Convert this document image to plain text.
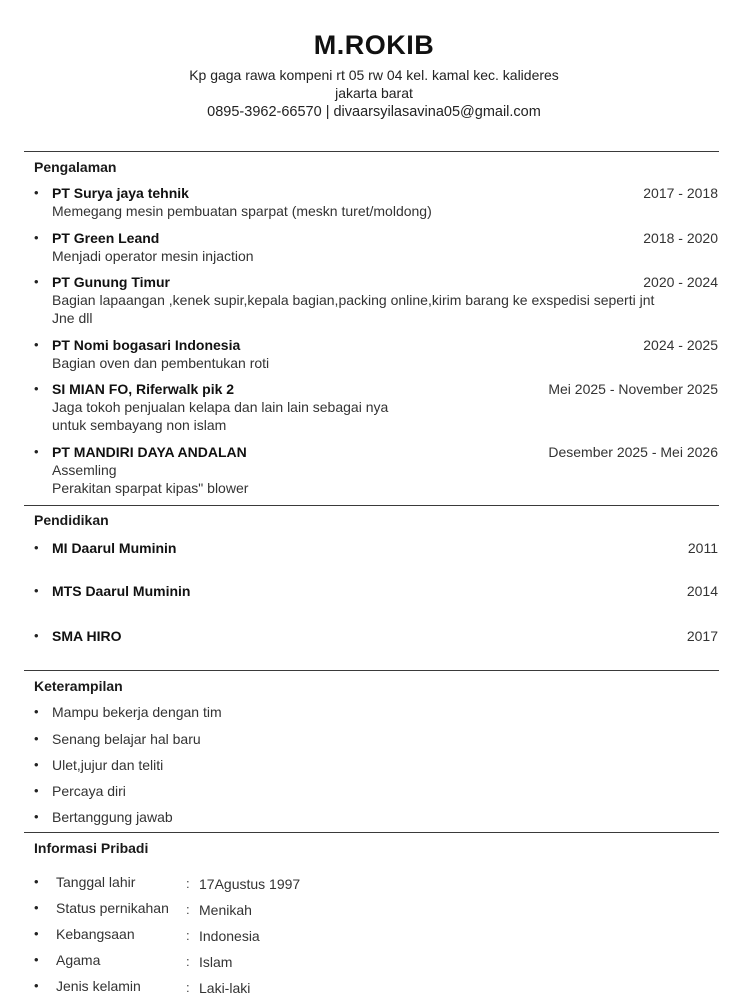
M.ROKIB
Kp gaga rawa kompeni rt 05 rw 04 kel. kamal kec. kalideres
jakarta barat
0895-3962-66570 | divaarsyilasavina05@gmail.com
Pengalaman
• PT Surya jaya tehnik	2017 - 2018
Memegang mesin pembuatan sparpat (meskn turet/moldong)
• PT Green Leand	2018 - 2020
Menjadi operator mesin injaction
• PT Gunung Timur	2020 - 2024
Bagian lapaangan ,kenek supir,kepala bagian,packing online,kirim barang ke exspedisi seperti jnt
Jne dll
• PT Nomi bogasari Indonesia	2024 - 2025
Bagian oven dan pembentukan roti
• SI MIAN FO, Riferwalk pik 2	Mei 2025 - November 2025
Jaga tokoh penjualan kelapa dan lain lain sebagai nya
untuk sembayang non islam
• PT MANDIRI DAYA ANDALAN	Desember 2025 - Mei 2026
Assemling
Perakitan sparpat kipas" blower
Pendidikan
• MI Daarul Muminin	2011
• MTS Daarul Muminin	2014
• SMA HIRO	2017
Keterampilan
• Mampu bekerja dengan tim
• Senang belajar hal baru
• Ulet,jujur dan teliti
• Percaya diri
• Bertanggung jawab
Informasi Pribadi
• Tanggal lahir	: 17Agustus 1997
• Status pernikahan : Menikah
• Kebangsaan	: Indonesia
• Agama	: Islam
• Jenis kelamin	: Laki-laki
